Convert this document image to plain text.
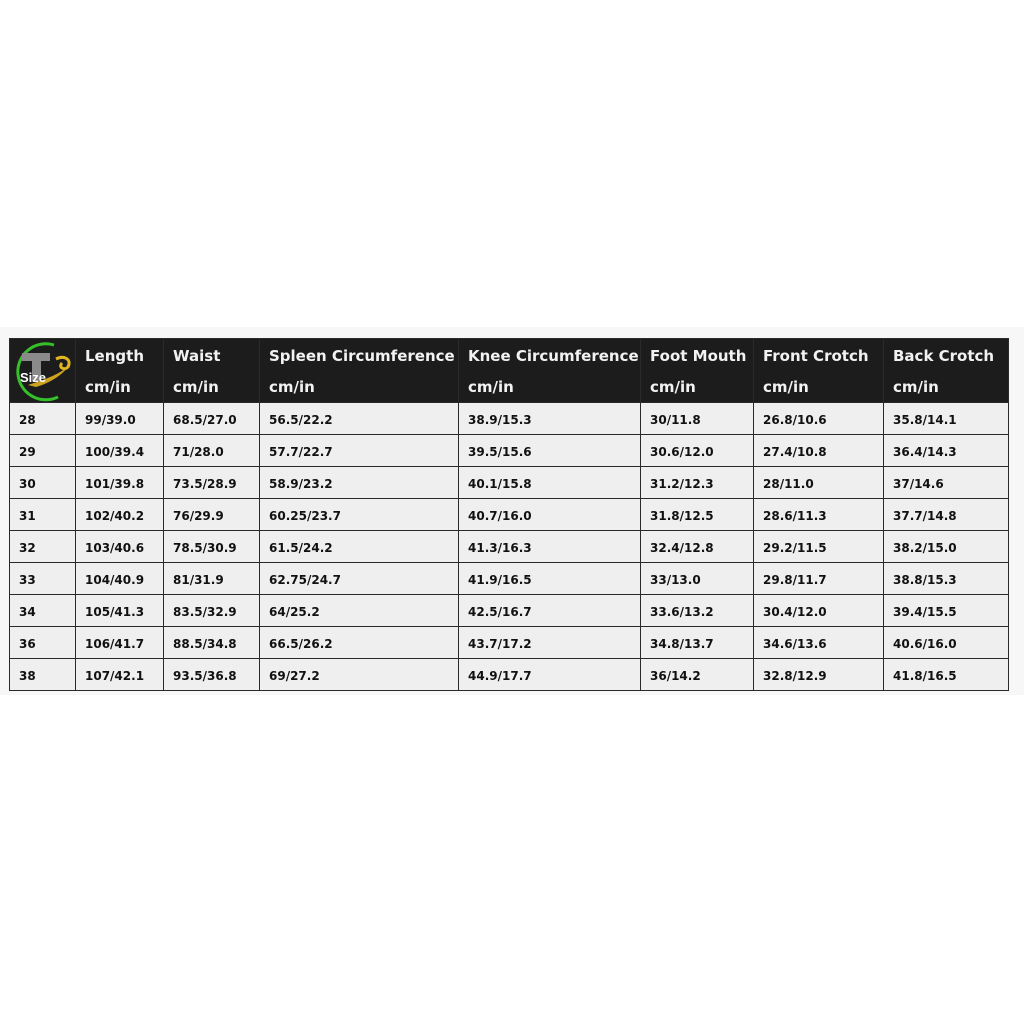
Size	Length	Waist	Spleen Circumference	Knee Circumference	Foot Mouth	Front Crotch	Back Crotch
	cm/in	cm/in	cm/in	cm/in	cm/in	cm/in	cm/in
28	99/39.0	68.5/27.0	56.5/22.2	38.9/15.3	30/11.8	26.8/10.6	35.8/14.1
29	100/39.4	71/28.0	57.7/22.7	39.5/15.6	30.6/12.0	27.4/10.8	36.4/14.3
30	101/39.8	73.5/28.9	58.9/23.2	40.1/15.8	31.2/12.3	28/11.0	37/14.6
31	102/40.2	76/29.9	60.25/23.7	40.7/16.0	31.8/12.5	28.6/11.3	37.7/14.8
32	103/40.6	78.5/30.9	61.5/24.2	41.3/16.3	32.4/12.8	29.2/11.5	38.2/15.0
33	104/40.9	81/31.9	62.75/24.7	41.9/16.5	33/13.0	29.8/11.7	38.8/15.3
34	105/41.3	83.5/32.9	64/25.2	42.5/16.7	33.6/13.2	30.4/12.0	39.4/15.5
36	106/41.7	88.5/34.8	66.5/26.2	43.7/17.2	34.8/13.7	34.6/13.6	40.6/16.0
38	107/42.1	93.5/36.8	69/27.2	44.9/17.7	36/14.2	32.8/12.9	41.8/16.5
